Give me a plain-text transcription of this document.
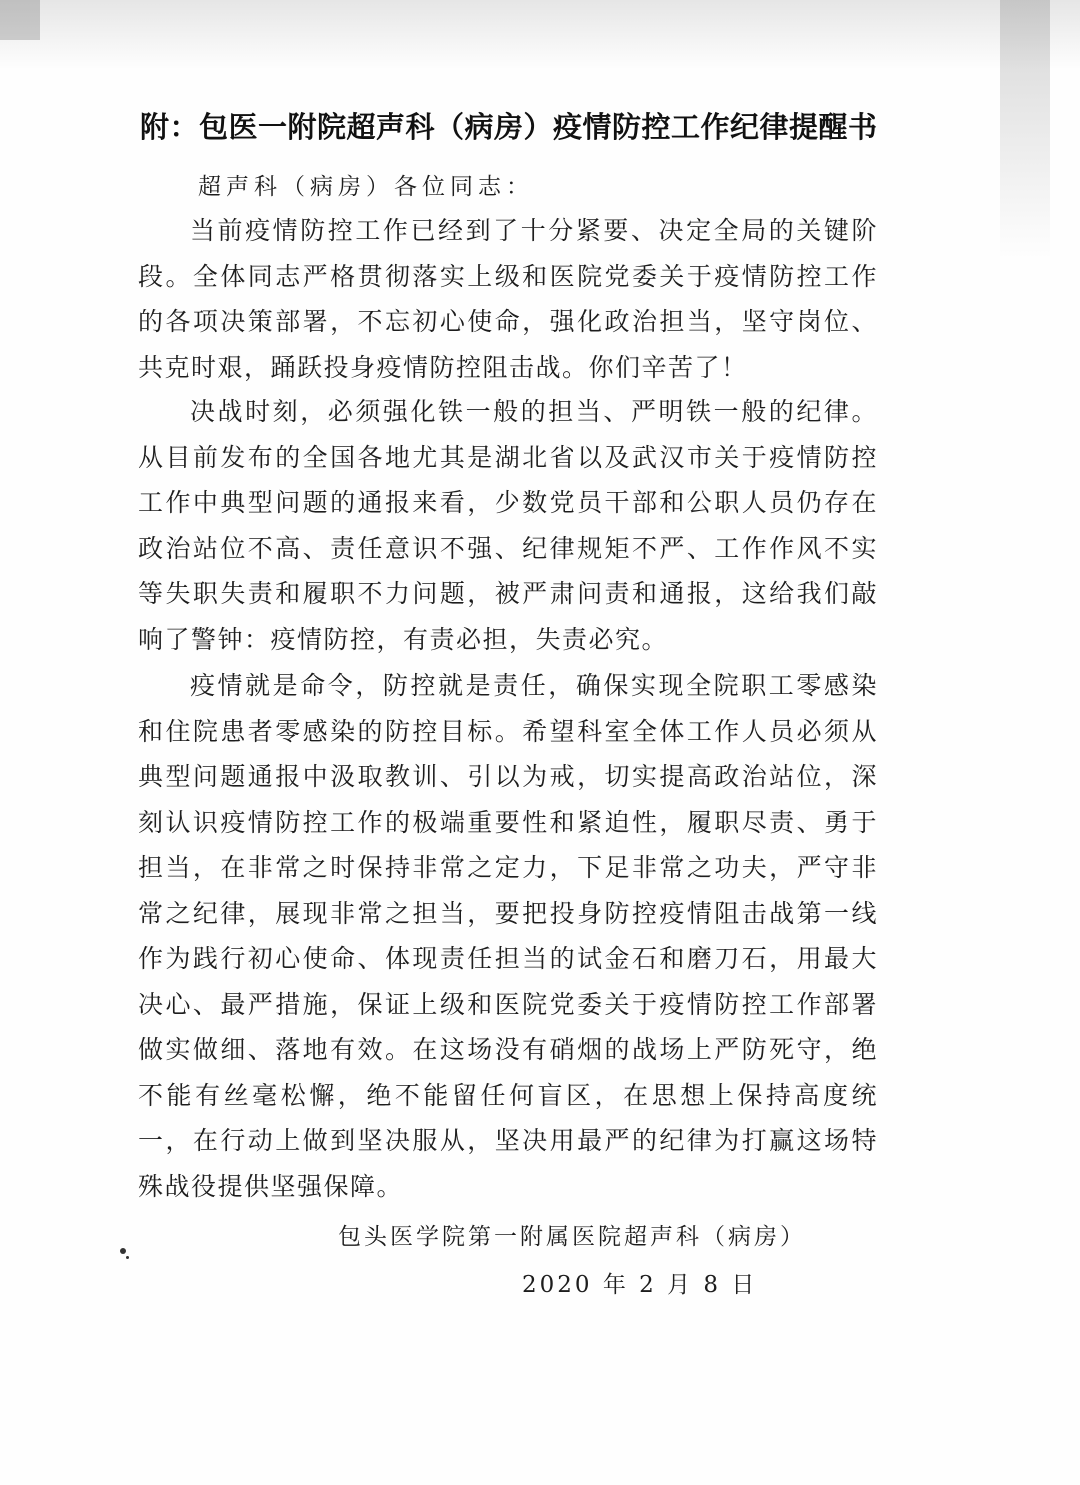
附：包医一附院超声科（病房）疫情防控工作纪律提醒书
超声科（病房）各位同志：

当前疫情防控工作已经到了十分紧要、决定全局的关键阶段。全体同志严格贯彻落实上级和医院党委关于疫情防控工作的各项决策部署，不忘初心使命，强化政治担当，坚守岗位、共克时艰，踊跃投身疫情防控阻击战。你们辛苦了！

决战时刻，必须强化铁一般的担当、严明铁一般的纪律。从目前发布的全国各地尤其是湖北省以及武汉市关于疫情防控工作中典型问题的通报来看，少数党员干部和公职人员仍存在政治站位不高、责任意识不强、纪律规矩不严、工作作风不实等失职失责和履职不力问题，被严肃问责和通报，这给我们敲响了警钟：疫情防控，有责必担，失责必究。

疫情就是命令，防控就是责任，确保实现全院职工零感染和住院患者零感染的防控目标。希望科室全体工作人员必须从典型问题通报中汲取教训、引以为戒，切实提高政治站位，深刻认识疫情防控工作的极端重要性和紧迫性，履职尽责、勇于担当，在非常之时保持非常之定力，下足非常之功夫，严守非常之纪律，展现非常之担当，要把投身防控疫情阻击战第一线作为践行初心使命、体现责任担当的试金石和磨刀石，用最大决心、最严措施，保证上级和医院党委关于疫情防控工作部署做实做细、落地有效。在这场没有硝烟的战场上严防死守，绝不能有丝毫松懈，绝不能留任何盲区，在思想上保持高度统一，在行动上做到坚决服从，坚决用最严的纪律为打赢这场特殊战役提供坚强保障。

包头医学院第一附属医院超声科（病房）
2020 年 2 月 8 日
